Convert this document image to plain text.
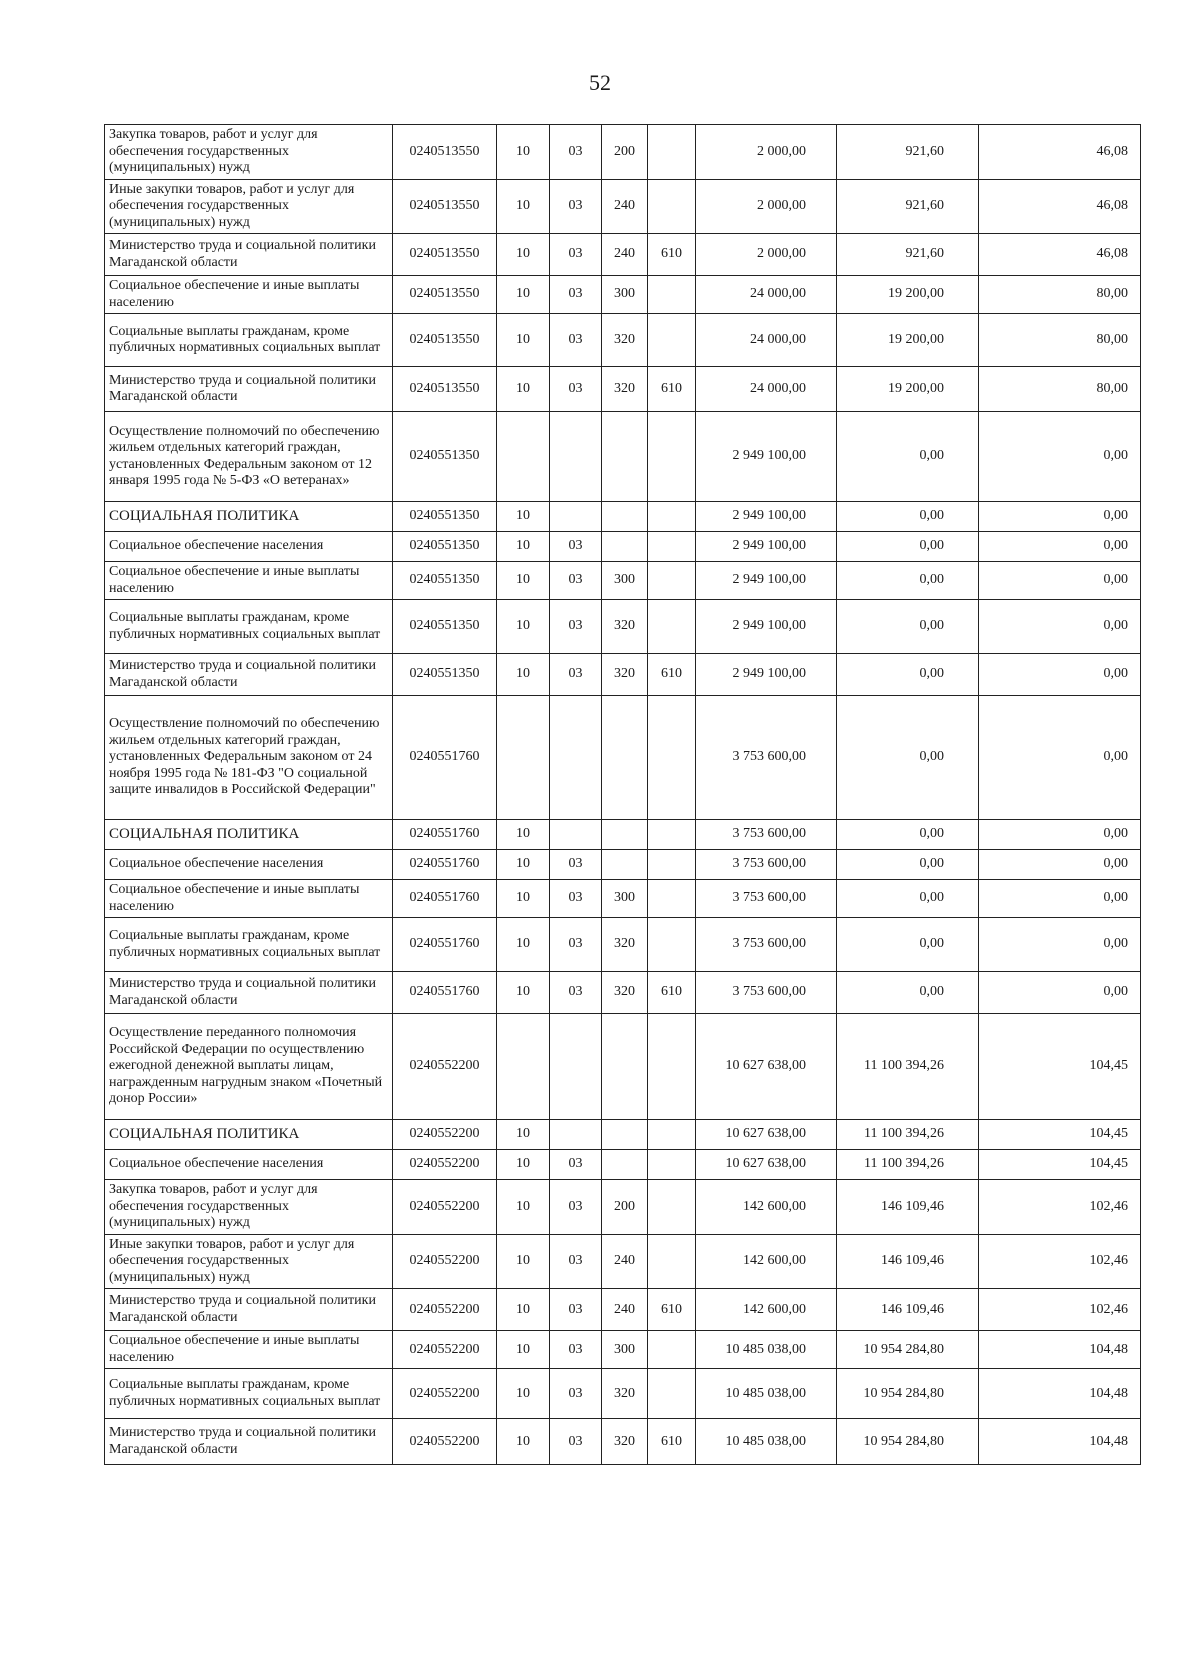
52
Закупка товаров, работ и услуг для обеспечения государственных (муниципальных) нужд	0240513550	10	03	200		2 000,00	921,60	46,08
Иные закупки товаров, работ и услуг для обеспечения государственных (муниципальных) нужд	0240513550	10	03	240		2 000,00	921,60	46,08
Министерство труда и социальной политики Магаданской области	0240513550	10	03	240	610	2 000,00	921,60	46,08
Социальное обеспечение и иные выплаты населению	0240513550	10	03	300		24 000,00	19 200,00	80,00
Социальные выплаты гражданам, кроме публичных нормативных социальных выплат	0240513550	10	03	320		24 000,00	19 200,00	80,00
Министерство труда и социальной политики Магаданской области	0240513550	10	03	320	610	24 000,00	19 200,00	80,00
Осуществление полномочий по обеспечению жильем отдельных категорий граждан, установленных Федеральным законом от 12 января 1995 года № 5-ФЗ «О ветеранах»	0240551350					2 949 100,00	0,00	0,00
СОЦИАЛЬНАЯ ПОЛИТИКА	0240551350	10				2 949 100,00	0,00	0,00
Социальное обеспечение населения	0240551350	10	03			2 949 100,00	0,00	0,00
Социальное обеспечение и иные выплаты населению	0240551350	10	03	300		2 949 100,00	0,00	0,00
Социальные выплаты гражданам, кроме публичных нормативных социальных выплат	0240551350	10	03	320		2 949 100,00	0,00	0,00
Министерство труда и социальной политики Магаданской области	0240551350	10	03	320	610	2 949 100,00	0,00	0,00
Осуществление полномочий по обеспечению жильем отдельных категорий граждан, установленных Федеральным законом от 24 ноября 1995 года № 181-ФЗ "О социальной защите инвалидов в Российской Федерации"	0240551760					3 753 600,00	0,00	0,00
СОЦИАЛЬНАЯ ПОЛИТИКА	0240551760	10				3 753 600,00	0,00	0,00
Социальное обеспечение населения	0240551760	10	03			3 753 600,00	0,00	0,00
Социальное обеспечение и иные выплаты населению	0240551760	10	03	300		3 753 600,00	0,00	0,00
Социальные выплаты гражданам, кроме публичных нормативных социальных выплат	0240551760	10	03	320		3 753 600,00	0,00	0,00
Министерство труда и социальной политики Магаданской области	0240551760	10	03	320	610	3 753 600,00	0,00	0,00
Осуществление переданного полномочия Российской Федерации по осуществлению ежегодной денежной выплаты лицам, награжденным нагрудным знаком «Почетный донор России»	0240552200					10 627 638,00	11 100 394,26	104,45
СОЦИАЛЬНАЯ ПОЛИТИКА	0240552200	10				10 627 638,00	11 100 394,26	104,45
Социальное обеспечение населения	0240552200	10	03			10 627 638,00	11 100 394,26	104,45
Закупка товаров, работ и услуг для обеспечения государственных (муниципальных) нужд	0240552200	10	03	200		142 600,00	146 109,46	102,46
Иные закупки товаров, работ и услуг для обеспечения государственных (муниципальных) нужд	0240552200	10	03	240		142 600,00	146 109,46	102,46
Министерство труда и социальной политики Магаданской области	0240552200	10	03	240	610	142 600,00	146 109,46	102,46
Социальное обеспечение и иные выплаты населению	0240552200	10	03	300		10 485 038,00	10 954 284,80	104,48
Социальные выплаты гражданам, кроме публичных нормативных социальных выплат	0240552200	10	03	320		10 485 038,00	10 954 284,80	104,48
Министерство труда и социальной политики Магаданской области	0240552200	10	03	320	610	10 485 038,00	10 954 284,80	104,48
